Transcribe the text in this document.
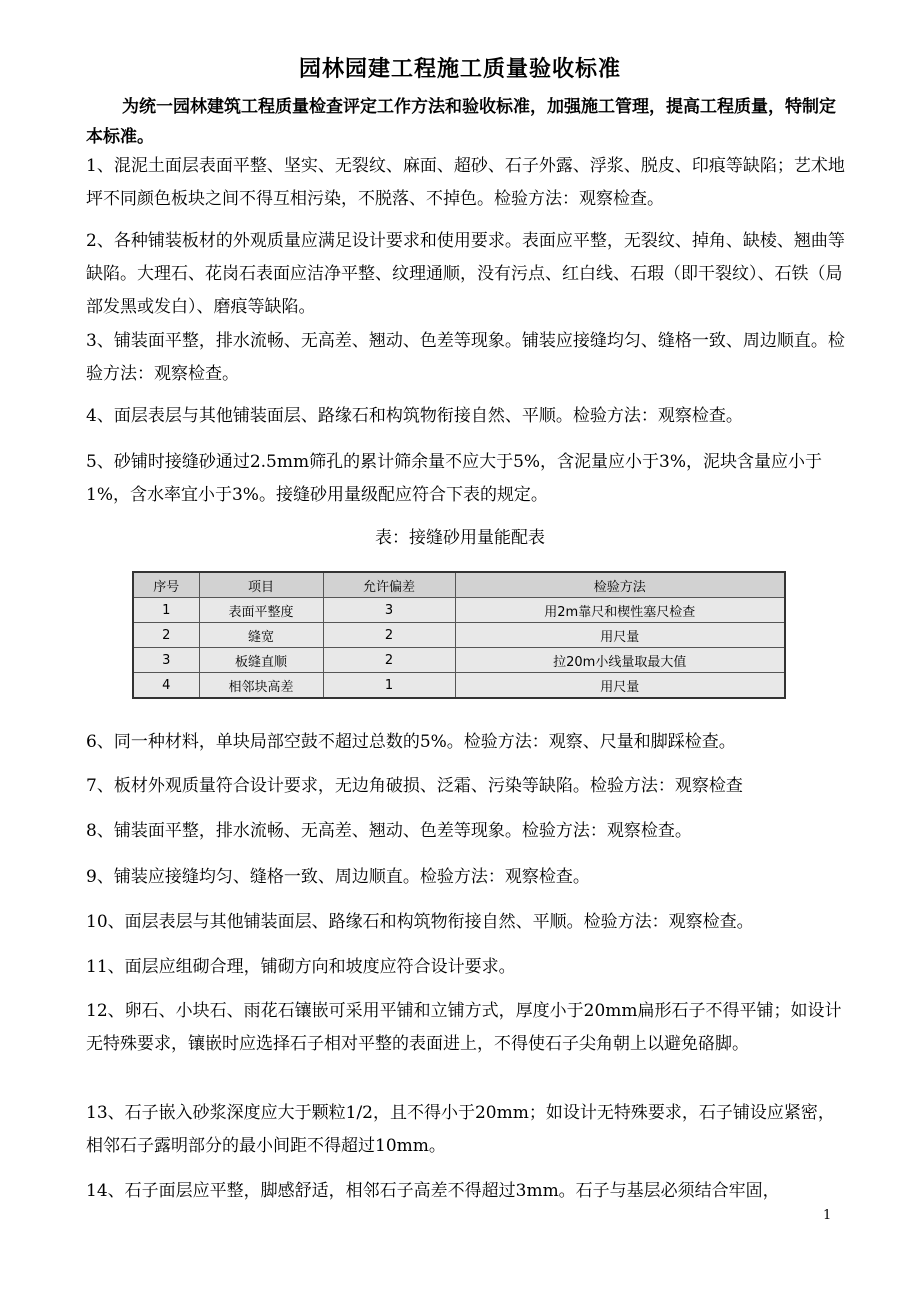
园林园建工程施工质量验收标准
为统一园林建筑工程质量检查评定工作方法和验收标准，加强施工管理，提高工程质量，特制定本标准。
1、混泥土面层表面平整、坚实、无裂纹、麻面、超砂、石子外露、浮浆、脱皮、印痕等缺陷；艺术地坪不同颜色板块之间不得互相污染，不脱落、不掉色。检验方法：观察检查。
2、各种铺装板材的外观质量应满足设计要求和使用要求。表面应平整，无裂纹、掉角、缺棱、翘曲等缺陷。大理石、花岗石表面应洁净平整、纹理通顺，没有污点、红白线、石瑕（即干裂纹）、石铁（局部发黑或发白）、磨痕等缺陷。
3、铺装面平整，排水流畅、无高差、翘动、色差等现象。铺装应接缝均匀、缝格一致、周边顺直。检验方法：观察检查。
4、面层表层与其他铺装面层、路缘石和构筑物衔接自然、平顺。检验方法：观察检查。
5、砂铺时接缝砂通过2.5mm筛孔的累计筛余量不应大于5%，含泥量应小于3%，泥块含量应小于1%，含水率宜小于3%。接缝砂用量级配应符合下表的规定。
表：接缝砂用量能配表
序号	项目	允许偏差	检验方法
1	表面平整度	3	用2m靠尺和楔性塞尺检查
2	缝宽	2	用尺量
3	板缝直顺	2	拉20m小线量取最大值
4	相邻块高差	1	用尺量
6、同一种材料，单块局部空鼓不超过总数的5%。检验方法：观察、尺量和脚踩检查。
7、板材外观质量符合设计要求，无边角破损、泛霜、污染等缺陷。检验方法：观察检查
8、铺装面平整，排水流畅、无高差、翘动、色差等现象。检验方法：观察检查。
9、铺装应接缝均匀、缝格一致、周边顺直。检验方法：观察检查。
10、面层表层与其他铺装面层、路缘石和构筑物衔接自然、平顺。检验方法：观察检查。
11、面层应组砌合理，铺砌方向和坡度应符合设计要求。
12、卵石、小块石、雨花石镶嵌可采用平铺和立铺方式，厚度小于20mm扁形石子不得平铺；如设计无特殊要求，镶嵌时应选择石子相对平整的表面进上，不得使石子尖角朝上以避免硌脚。
13、石子嵌入砂浆深度应大于颗粒1/2，且不得小于20mm；如设计无特殊要求，石子铺设应紧密，相邻石子露明部分的最小间距不得超过10mm。
14、石子面层应平整，脚感舒适，相邻石子高差不得超过3mm。石子与基层必须结合牢固，
1
